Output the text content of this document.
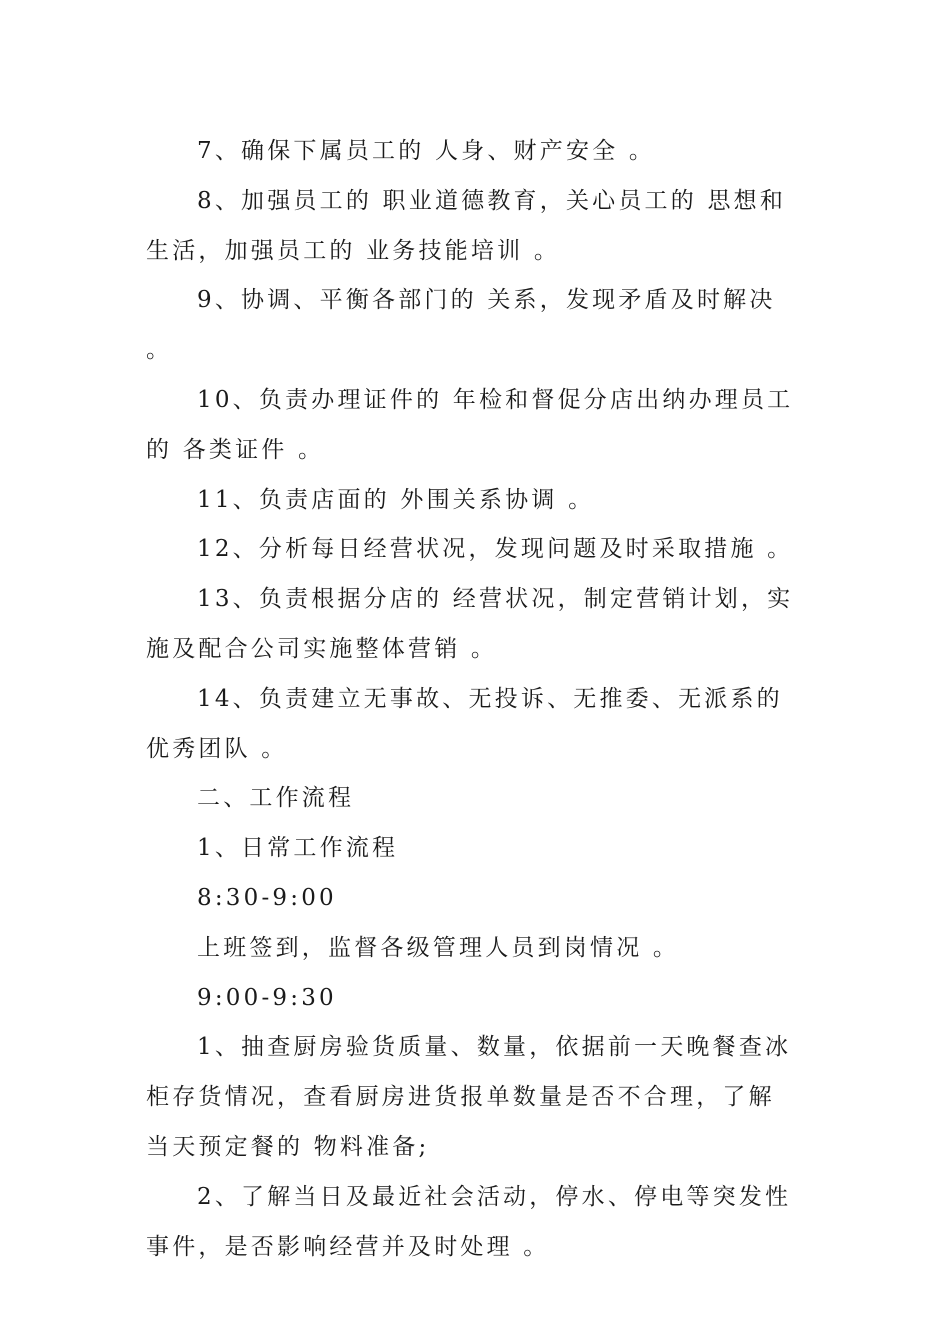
7、确保下属员工的 人身、财产安全 。

8、加强员工的 职业道德教育，关心员工的 思想和生活，加强员工的 业务技能培训 。

9、协调、平衡各部门的 关系，发现矛盾及时解决 。

10、负责办理证件的 年检和督促分店出纳办理员工的 各类证件 。

11、负责店面的 外围关系协调 。

12、分析每日经营状况，发现问题及时采取措施 。

13、负责根据分店的 经营状况，制定营销计划，实施及配合公司实施整体营销 。

14、负责建立无事故、无投诉、无推委、无派系的优秀团队 。

二、工作流程

1、日常工作流程

8:30-9:00

上班签到，监督各级管理人员到岗情况 。

9:00-9:30

1、抽查厨房验货质量、数量，依据前一天晚餐查冰柜存货情况，查看厨房进货报单数量是否不合理，了解当天预定餐的 物料准备;

2、了解当日及最近社会活动，停水、停电等突发性事件，是否影响经营并及时处理 。
